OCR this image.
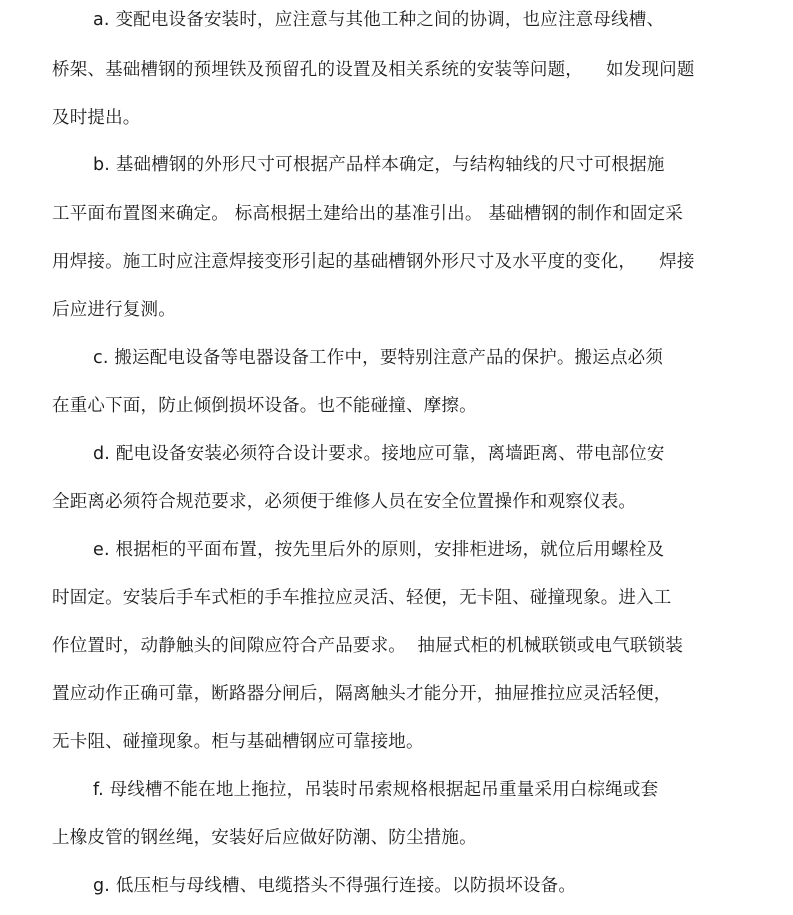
a. 变配电设备安装时，应注意与其他工种之间的协调，也应注意母线槽、
桥架、基础槽钢的预埋铁及预留孔的设置及相关系统的安装等问题，    如发现问题
及时提出。
b. 基础槽钢的外形尺寸可根据产品样本确定，与结构轴线的尺寸可根据施
工平面布置图来确定。 标高根据土建给出的基准引出。 基础槽钢的制作和固定采
用焊接。施工时应注意焊接变形引起的基础槽钢外形尺寸及水平度的变化，    焊接
后应进行复测。
c. 搬运配电设备等电器设备工作中，要特别注意产品的保护。搬运点必须
在重心下面，防止倾倒损坏设备。也不能碰撞、摩擦。
d. 配电设备安装必须符合设计要求。接地应可靠，离墙距离、带电部位安
全距离必须符合规范要求，必须便于维修人员在安全位置操作和观察仪表。
e. 根据柜的平面布置，按先里后外的原则，安排柜进场，就位后用螺栓及
时固定。安装后手车式柜的手车推拉应灵活、轻便，无卡阻、碰撞现象。进入工
作位置时，动静触头的间隙应符合产品要求。  抽屉式柜的机械联锁或电气联锁装
置应动作正确可靠，断路器分闸后，隔离触头才能分开，抽屉推拉应灵活轻便，
无卡阻、碰撞现象。柜与基础槽钢应可靠接地。
f. 母线槽不能在地上拖拉，吊装时吊索规格根据起吊重量采用白棕绳或套
上橡皮管的钢丝绳，安装好后应做好防潮、防尘措施。
g. 低压柜与母线槽、电缆搭头不得强行连接。以防损坏设备。
